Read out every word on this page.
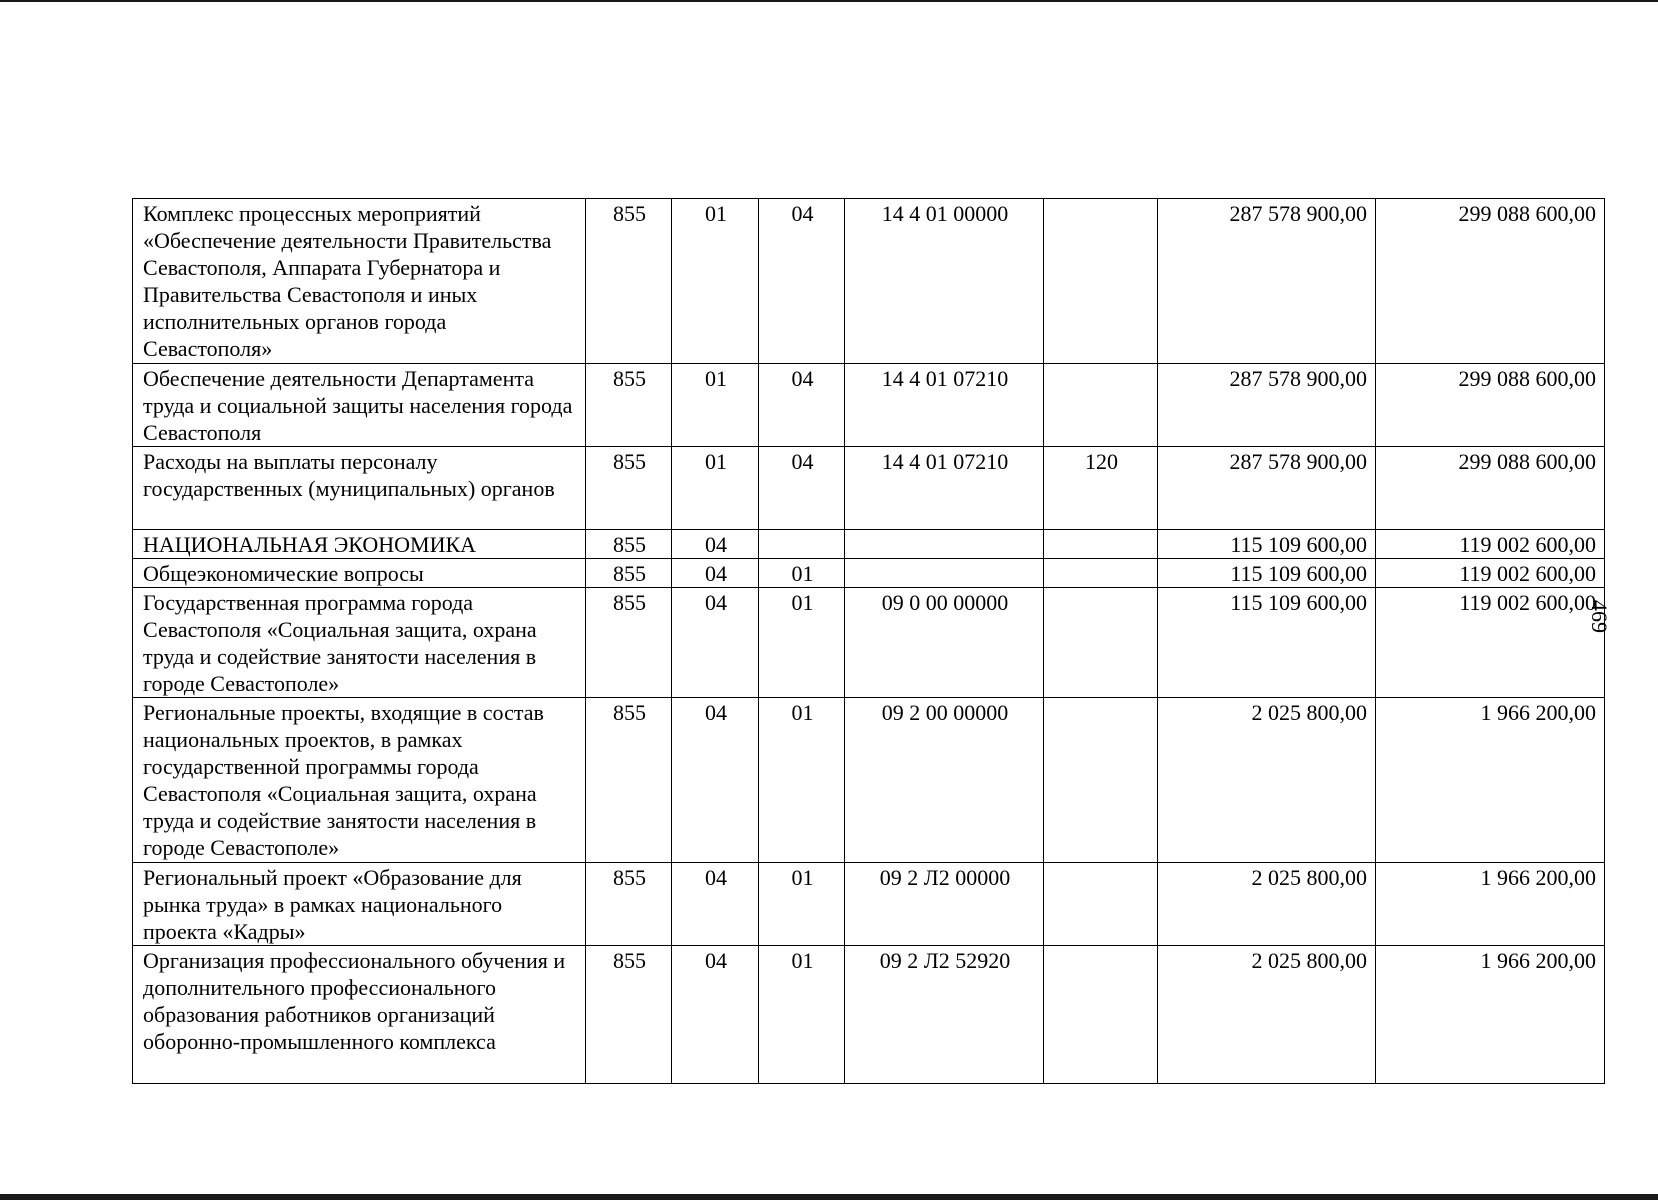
469
Комплекс процессных мероприятий «Обеспечение деятельности Правительства Севастополя, Аппарата Губернатора и Правительства Севастополя и иных исполнительных органов города Севастополя»	855	01	04	14 4 01 00000		287 578 900,00	299 088 600,00
Обеспечение деятельности Департамента труда и социальной защиты населения города Севастополя	855	01	04	14 4 01 07210		287 578 900,00	299 088 600,00
Расходы на выплаты персоналу государственных (муниципальных) органов	855	01	04	14 4 01 07210	120	287 578 900,00	299 088 600,00
НАЦИОНАЛЬНАЯ ЭКОНОМИКА	855	04				115 109 600,00	119 002 600,00
Общеэкономические вопросы	855	04	01			115 109 600,00	119 002 600,00
Государственная программа города Севастополя «Социальная защита, охрана труда и содействие занятости населения в городе Севастополе»	855	04	01	09 0 00 00000		115 109 600,00	119 002 600,00
Региональные проекты, входящие в состав национальных проектов, в рамках государственной программы города Севастополя «Социальная защита, охрана труда и содействие занятости населения в городе Севастополе»	855	04	01	09 2 00 00000		2 025 800,00	1 966 200,00
Региональный проект «Образование для рынка труда» в рамках национального проекта «Кадры»	855	04	01	09 2 Л2 00000		2 025 800,00	1 966 200,00
Организация профессионального обучения и дополнительного профессионального образования работников организаций оборонно-промышленного комплекса	855	04	01	09 2 Л2 52920		2 025 800,00	1 966 200,00
